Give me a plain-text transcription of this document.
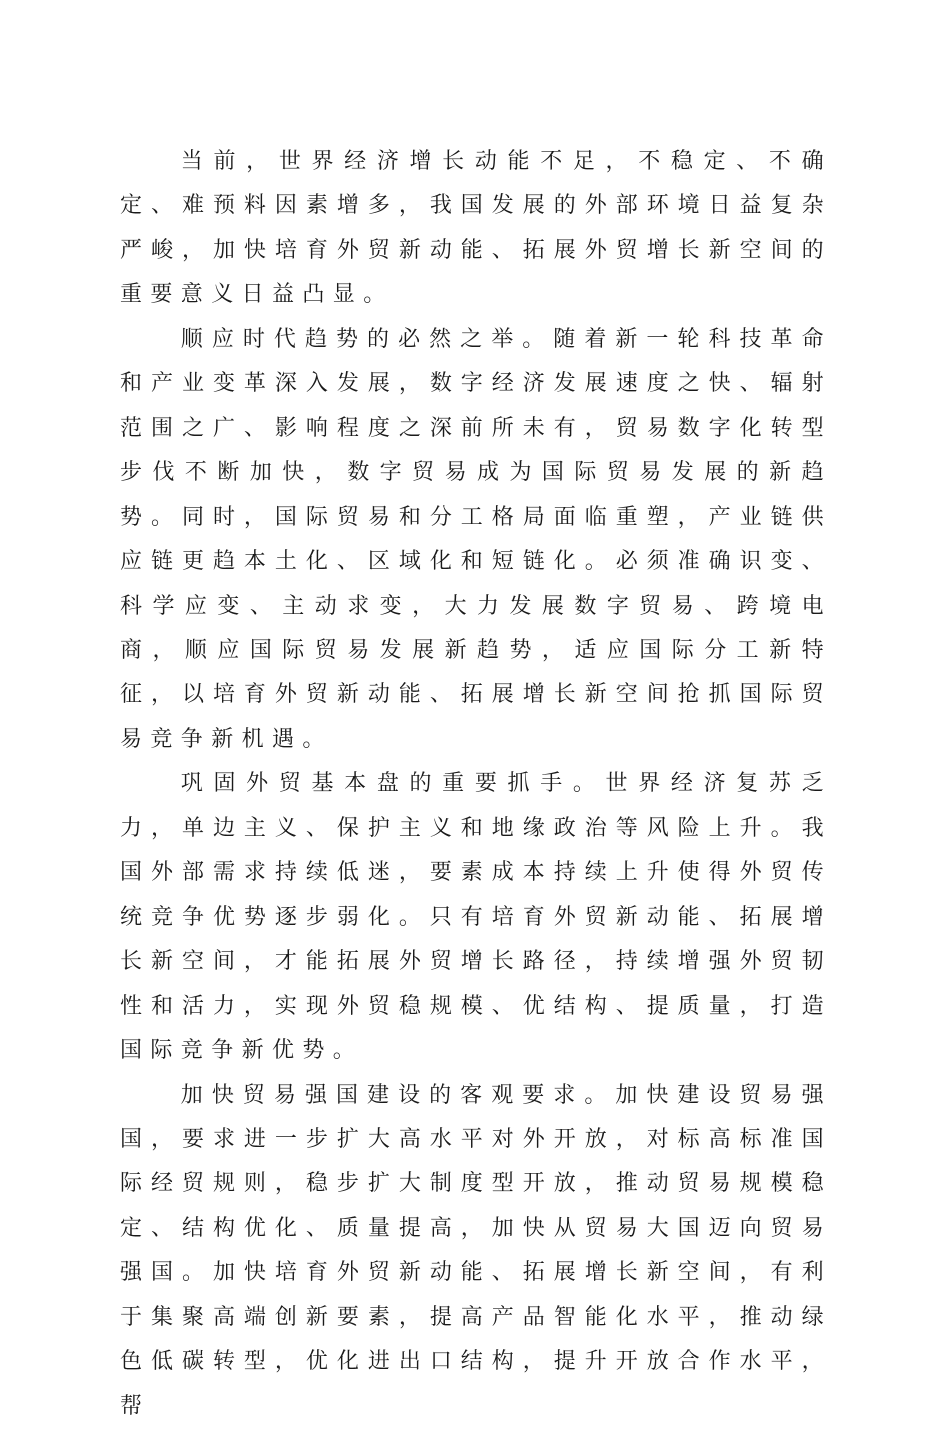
当前，世界经济增长动能不足，不稳定、不确定、难预料因素增多，我国发展的外部环境日益复杂严峻，加快培育外贸新动能、拓展外贸增长新空间的重要意义日益凸显。

顺应时代趋势的必然之举。随着新一轮科技革命和产业变革深入发展，数字经济发展速度之快、辐射范围之广、影响程度之深前所未有，贸易数字化转型步伐不断加快，数字贸易成为国际贸易发展的新趋势。同时，国际贸易和分工格局面临重塑，产业链供应链更趋本土化、区域化和短链化。必须准确识变、科学应变、主动求变，大力发展数字贸易、跨境电商，顺应国际贸易发展新趋势，适应国际分工新特征，以培育外贸新动能、拓展增长新空间抢抓国际贸易竞争新机遇。

巩固外贸基本盘的重要抓手。世界经济复苏乏力，单边主义、保护主义和地缘政治等风险上升。我国外部需求持续低迷，要素成本持续上升使得外贸传统竞争优势逐步弱化。只有培育外贸新动能、拓展增长新空间，才能拓展外贸增长路径，持续增强外贸韧性和活力，实现外贸稳规模、优结构、提质量，打造国际竞争新优势。

加快贸易强国建设的客观要求。加快建设贸易强国，要求进一步扩大高水平对外开放，对标高标准国际经贸规则，稳步扩大制度型开放，推动贸易规模稳定、结构优化、质量提高，加快从贸易大国迈向贸易强国。加快培育外贸新动能、拓展增长新空间，有利于集聚高端创新要素，提高产品智能化水平，推动绿色低碳转型，优化进出口结构，提升开放合作水平，帮
